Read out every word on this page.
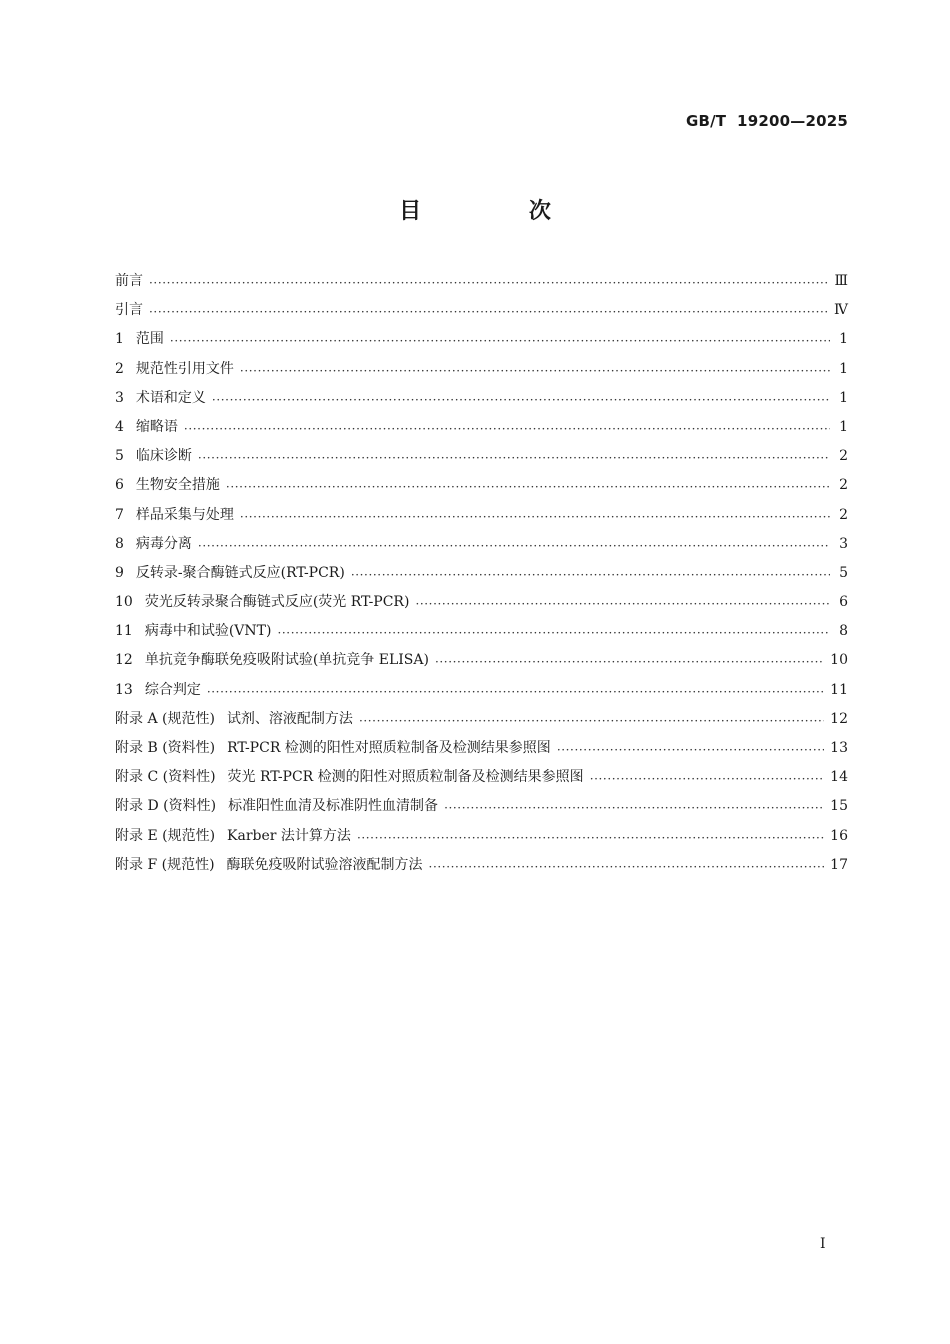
GB/T  19200—2025
目 次
前言 ·····	Ⅲ
引言 ·····	Ⅳ
1 范围 ·····	1
2 规范性引用文件 ·····	1
3 术语和定义 ·····	1
4 缩略语 ·····	1
5 临床诊断 ·····	2
6 生物安全措施 ·····	2
7 样品采集与处理 ·····	2
8 病毒分离 ·····	3
9 反转录-聚合酶链式反应(RT-PCR) ·····	5
10 荧光反转录聚合酶链式反应(荧光 RT-PCR) ·····	6
11 病毒中和试验(VNT) ·····	8
12 单抗竞争酶联免疫吸附试验(单抗竞争 ELISA) ·····	10
13 综合判定 ·····	11
附录 A (规范性) 试剂、溶液配制方法 ·····	12
附录 B (资料性) RT-PCR 检测的阳性对照质粒制备及检测结果参照图 ·····	13
附录 C (资料性) 荧光 RT-PCR 检测的阳性对照质粒制备及检测结果参照图 ·····	14
附录 D (资料性) 标准阳性血清及标准阴性血清制备 ·····	15
附录 E (规范性) Karber 法计算方法 ·····	16
附录 F (规范性) 酶联免疫吸附试验溶液配制方法 ·····	17
I
